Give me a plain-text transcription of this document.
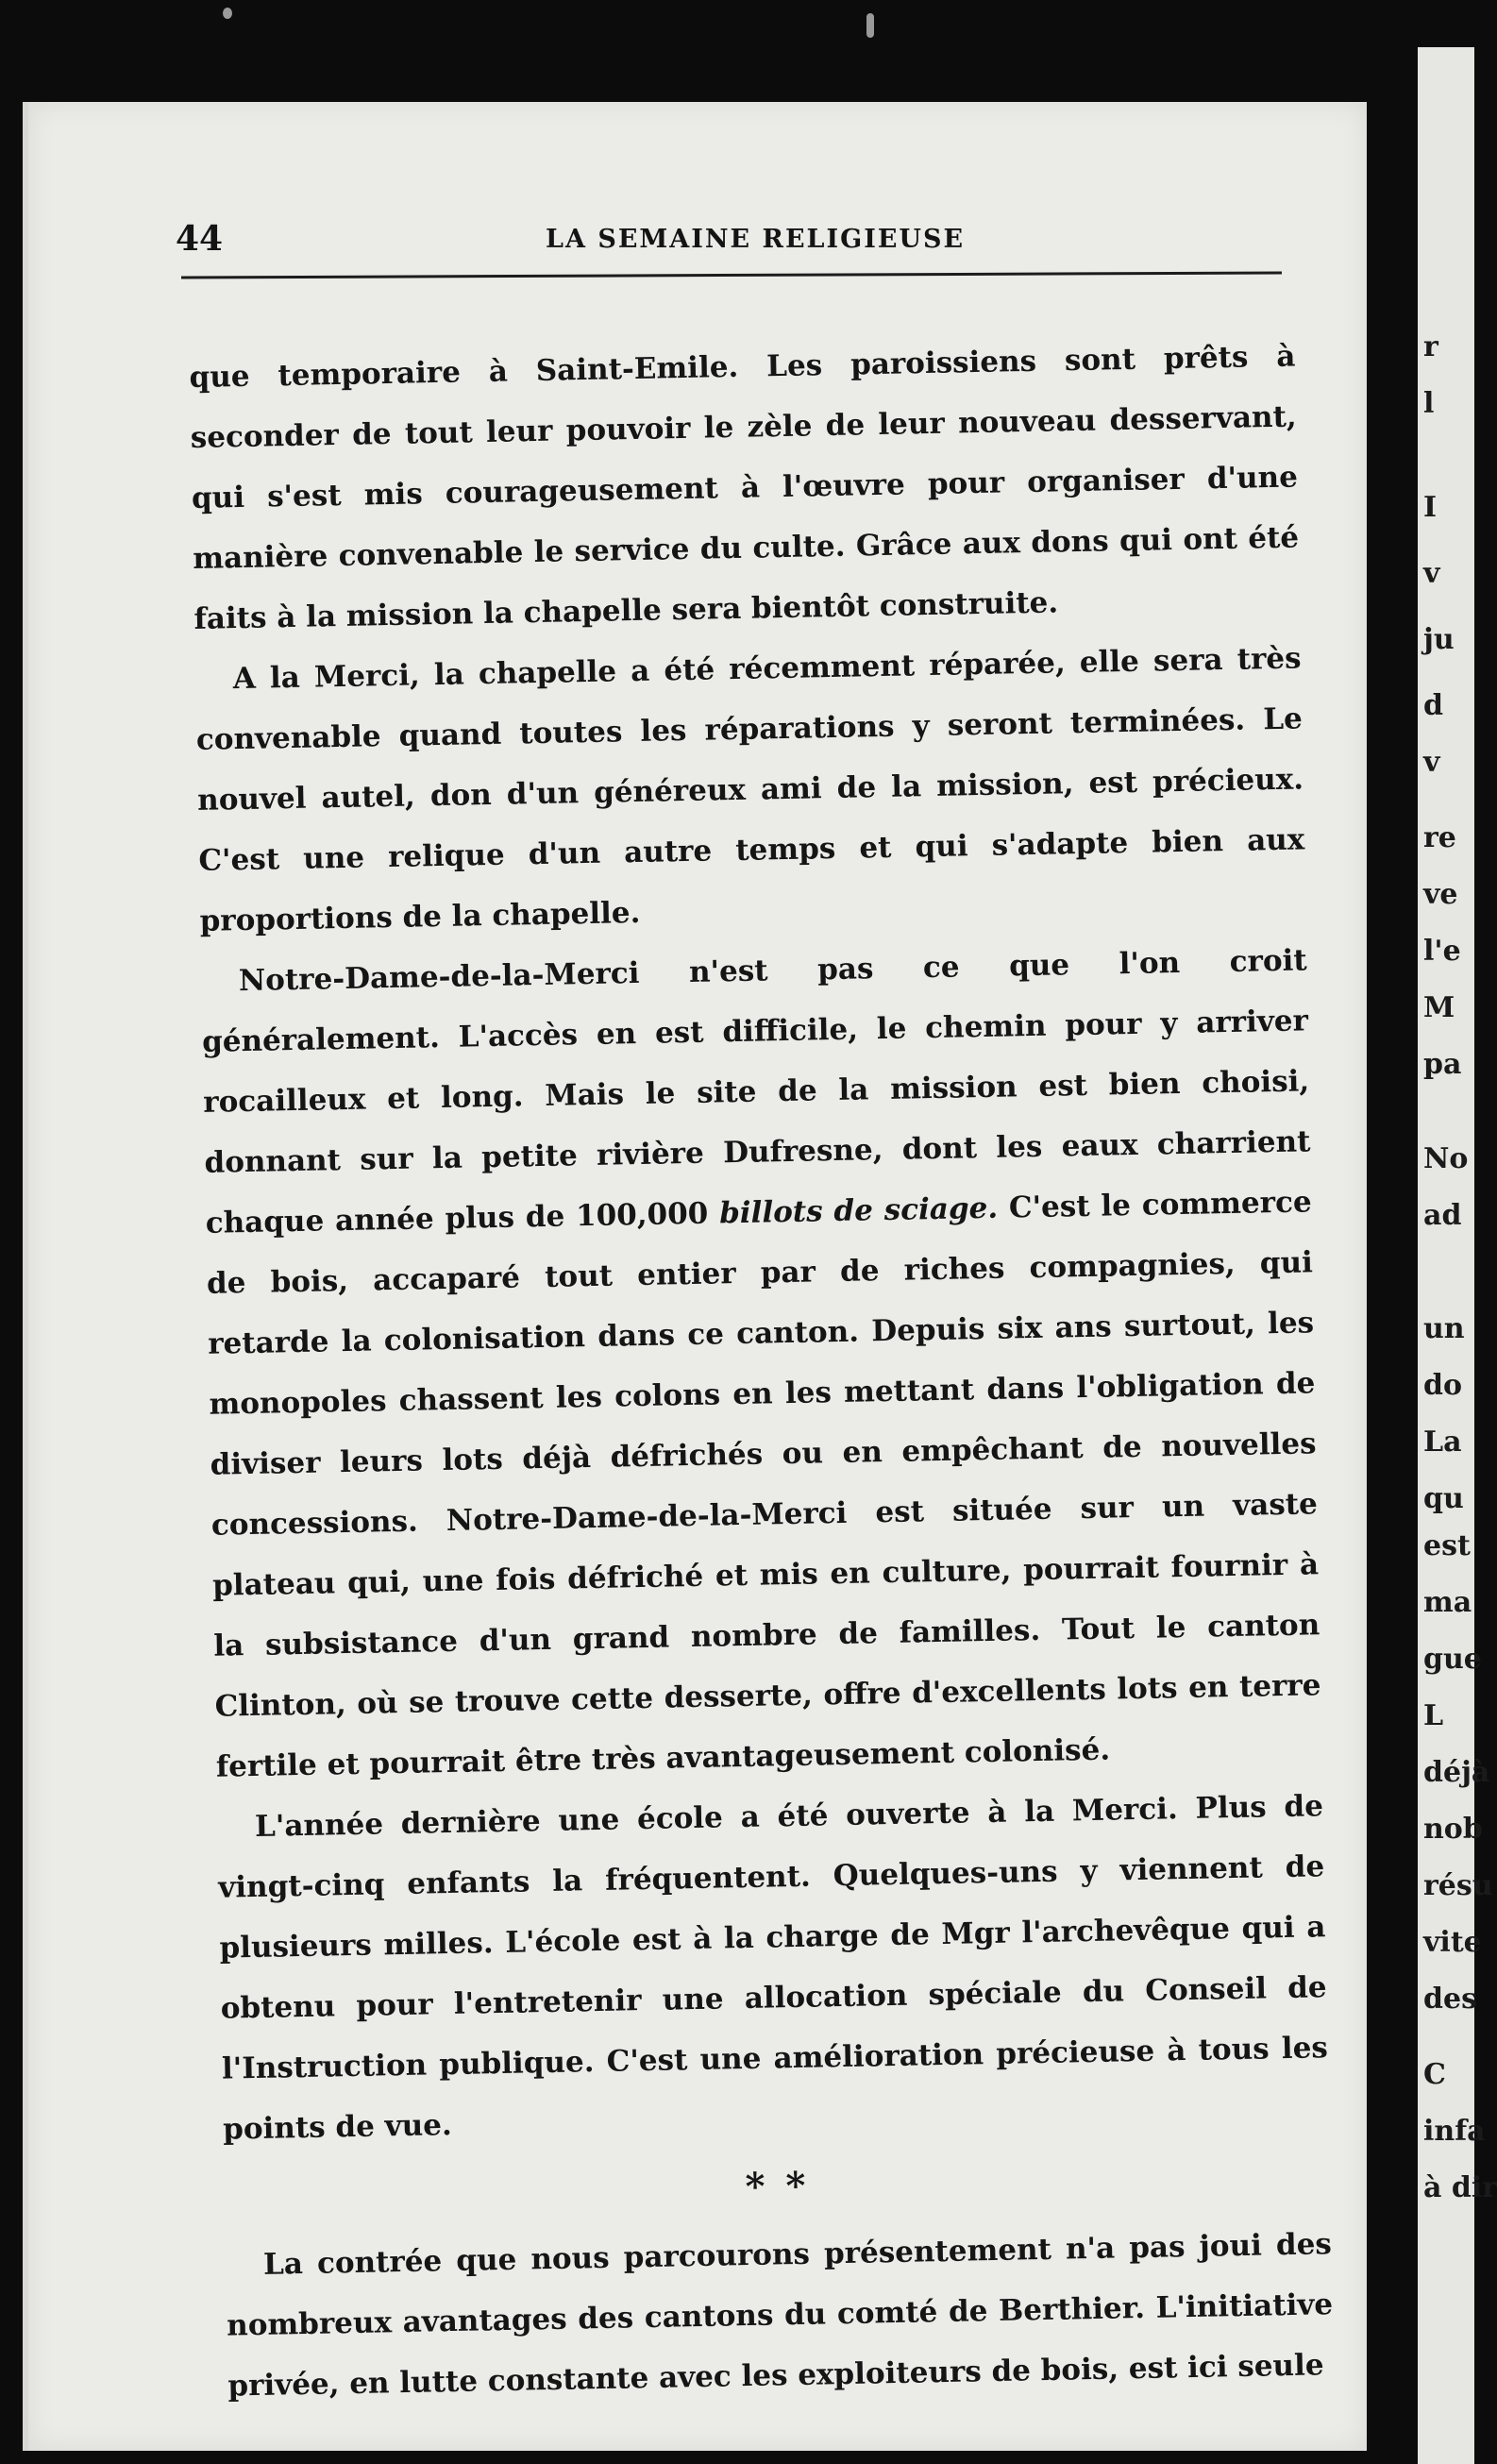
r
l
I
v
ju
d
v
re
ve
l'e
M
pa
No
ad
un
do
La
qu
est
ma
gue
L
déjà
nob
résu
vite
des
C
infa
à dir
44	LA SEMAINE RELIGIEUSE

que temporaire à Saint-Emile. Les paroissiens sont prêts à seconder de tout leur pouvoir le zèle de leur nouveau desservant, qui s'est mis courageusement à l'œuvre pour organiser d'une manière convenable le service du culte. Grâce aux dons qui ont été faits à la mission la chapelle sera bientôt construite.

A la Merci, la chapelle a été récemment réparée, elle sera très convenable quand toutes les réparations y seront terminées. Le nouvel autel, don d'un généreux ami de la mission, est précieux. C'est une relique d'un autre temps et qui s'adapte bien aux proportions de la chapelle.

Notre-Dame-de-la-Merci n'est pas ce que l'on croit généralement. L'accès en est difficile, le chemin pour y arriver rocailleux et long. Mais le site de la mission est bien choisi, donnant sur la petite rivière Dufresne, dont les eaux charrient chaque année plus de 100,000 billots de sciage. C'est le commerce de bois, accaparé tout entier par de riches compagnies, qui retarde la colonisation dans ce canton. Depuis six ans surtout, les monopoles chassent les colons en les mettant dans l'obligation de diviser leurs lots déjà défrichés ou en empêchant de nouvelles concessions. Notre-Dame-de-la-Merci est située sur un vaste plateau qui, une fois défriché et mis en culture, pourrait fournir à la subsistance d'un grand nombre de familles. Tout le canton Clinton, où se trouve cette desserte, offre d'excellents lots en terre fertile et pourrait être très avantageusement colonisé.

L'année dernière une école a été ouverte à la Merci. Plus de vingt-cinq enfants la fréquentent. Quelques-uns y viennent de plusieurs milles. L'école est à la charge de Mgr l'archevêque qui a obtenu pour l'entretenir une allocation spéciale du Conseil de l'Instruction publique. C'est une amélioration précieuse à tous les points de vue.

* *

La contrée que nous parcourons présentement n'a pas joui des nombreux avantages des cantons du comté de Berthier. L'initiative privée, en lutte constante avec les exploiteurs de bois, est ici seule
